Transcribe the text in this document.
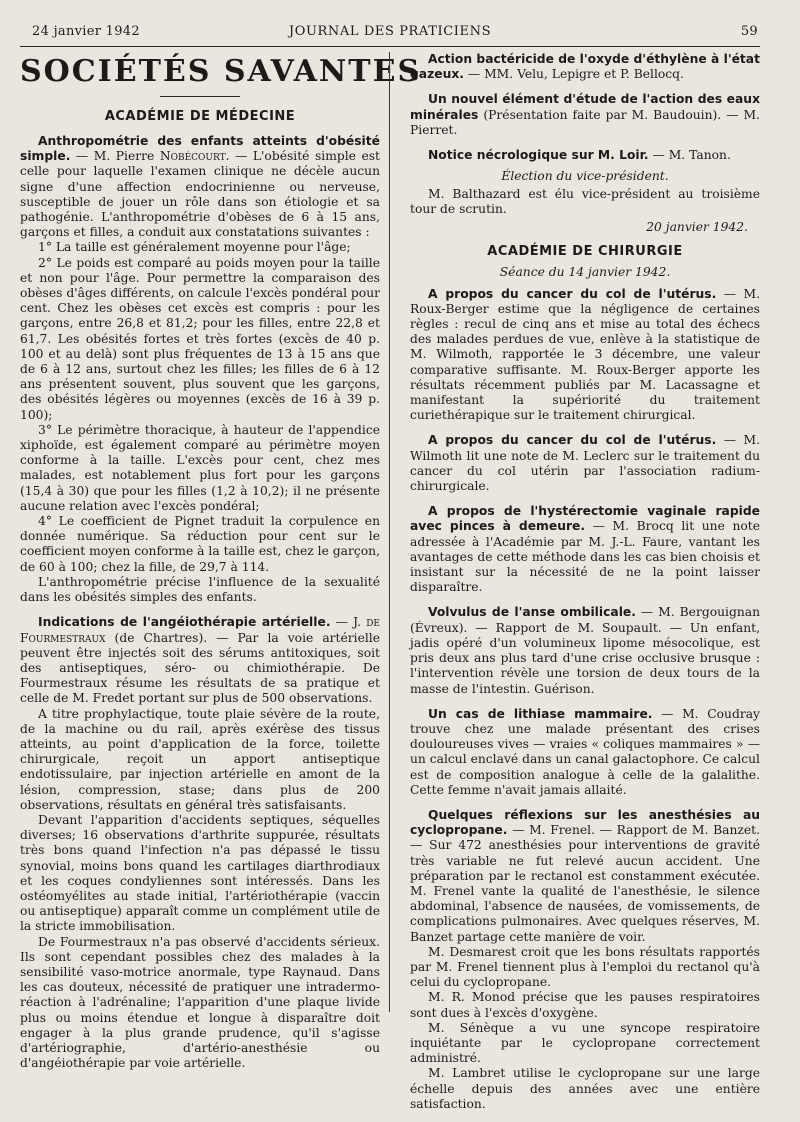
24 janvier 1942	JOURNAL DES PRATICIENS	59
SOCIÉTÉS SAVANTES
ACADÉMIE DE MÉDECINE

Anthropométrie des enfants atteints d'obésité simple. — M. Pierre Nobécourt. — L'obésité simple est celle pour laquelle l'examen clinique ne décèle aucun signe d'une affection endocrinienne ou nerveuse, susceptible de jouer un rôle dans son étiologie et sa pathogénie. L'anthropométrie d'obèses de 6 à 15 ans, garçons et filles, a conduit aux constatations suivantes :

1° La taille est généralement moyenne pour l'âge;

2° Le poids est comparé au poids moyen pour la taille et non pour l'âge. Pour permettre la comparaison des obèses d'âges différents, on calcule l'excès pondéral pour cent. Chez les obèses cet excès est compris : pour les garçons, entre 26,8 et 81,2; pour les filles, entre 22,8 et 61,7. Les obésités fortes et très fortes (excès de 40 p. 100 et au delà) sont plus fréquentes de 13 à 15 ans que de 6 à 12 ans, surtout chez les filles; les filles de 6 à 12 ans présentent souvent, plus souvent que les garçons, des obésités légères ou moyennes (excès de 16 à 39 p. 100);

3° Le périmètre thoracique, à hauteur de l'appendice xiphoïde, est également comparé au périmètre moyen conforme à la taille. L'excès pour cent, chez mes malades, est notablement plus fort pour les garçons (15,4 à 30) que pour les filles (1,2 à 10,2); il ne présente aucune relation avec l'excès pondéral;

4° Le coefficient de Pignet traduit la corpulence en donnée numérique. Sa réduction pour cent sur le coefficient moyen conforme à la taille est, chez le garçon, de 60 à 100; chez la fille, de 29,7 à 114.

L'anthropométrie précise l'influence de la sexualité dans les obésités simples des enfants.

Indications de l'angéiothérapie artérielle. — J. de Fourmestraux (de Chartres). — Par la voie artérielle peuvent être injectés soit des sérums antitoxiques, soit des antiseptiques, séro- ou chimiothérapie. De Fourmestraux résume les résultats de sa pratique et celle de M. Fredet portant sur plus de 500 observations.

A titre prophylactique, toute plaie sévère de la route, de la machine ou du rail, après exérèse des tissus atteints, au point d'application de la force, toilette chirurgicale, reçoit un apport antiseptique endotissulaire, par injection artérielle en amont de la lésion, compression, stase; dans plus de 200 observations, résultats en général très satisfaisants.

Devant l'apparition d'accidents septiques, séquelles diverses; 16 observations d'arthrite suppurée, résultats très bons quand l'infection n'a pas dépassé le tissu synovial, moins bons quand les cartilages diarthrodiaux et les coques condyliennes sont intéressés. Dans les ostéomyélites au stade initial, l'artériothérapie (vaccin ou antiseptique) apparaît comme un complément utile de la stricte immobilisation.

De Fourmestraux n'a pas observé d'accidents sérieux. Ils sont cependant possibles chez des malades à la sensibilité vaso-motrice anormale, type Raynaud. Dans les cas douteux, nécessité de pratiquer une intradermo-réaction à l'adrénaline; l'apparition d'une plaque livide plus ou moins étendue et longue à disparaître doit engager à la plus grande prudence, qu'il s'agisse d'artériographie, d'artério-anesthésie ou d'angéiothérapie par voie artérielle.

Action bactéricide de l'oxyde d'éthylène à l'état gazeux. — MM. Velu, Lepigre et P. Bellocq.

Un nouvel élément d'étude de l'action des eaux minérales (Présentation faite par M. Baudouin). — M. Pierret.

Notice nécrologique sur M. Loir. — M. Tanon.

Élection du vice-président.

M. Balthazard est élu vice-président au troisième tour de scrutin.

20 janvier 1942.
ACADÉMIE DE CHIRURGIE
Séance du 14 janvier 1942.

A propos du cancer du col de l'utérus. — M. Roux-Berger estime que la négligence de certaines règles : recul de cinq ans et mise au total des échecs des malades perdues de vue, enlève à la statistique de M. Wilmoth, rapportée le 3 décembre, une valeur comparative suffisante. M. Roux-Berger apporte les résultats récemment publiés par M. Lacassagne et manifestant la supériorité du traitement curiethérapique sur le traitement chirurgical.

A propos du cancer du col de l'utérus. — M. Wilmoth lit une note de M. Leclerc sur le traitement du cancer du col utérin par l'association radium-chirurgicale.

A propos de l'hystérectomie vaginale rapide avec pinces à demeure. — M. Brocq lit une note adressée à l'Académie par M. J.-L. Faure, vantant les avantages de cette méthode dans les cas bien choisis et insistant sur la nécessité de ne la point laisser disparaître.

Volvulus de l'anse ombilicale. — M. Bergouignan (Évreux). — Rapport de M. Soupault. — Un enfant, jadis opéré d'un volumineux lipome mésocolique, est pris deux ans plus tard d'une crise occlusive brusque : l'intervention révèle une torsion de deux tours de la masse de l'intestin. Guérison.

Un cas de lithiase mammaire. — M. Coudray trouve chez une malade présentant des crises douloureuses vives — vraies « coliques mammaires » — un calcul enclavé dans un canal galactophore. Ce calcul est de composition analogue à celle de la galalithe. Cette femme n'avait jamais allaité.

Quelques réflexions sur les anesthésies au cyclopropane. — M. Frenel. — Rapport de M. Banzet. — Sur 472 anesthésies pour interventions de gravité très variable ne fut relevé aucun accident. Une préparation par le rectanol est constamment exécutée. M. Frenel vante la qualité de l'anesthésie, le silence abdominal, l'absence de nausées, de vomissements, de complications pulmonaires. Avec quelques réserves, M. Banzet partage cette manière de voir.

M. Desmarest croit que les bons résultats rapportés par M. Frenel tiennent plus à l'emploi du rectanol qu'à celui du cyclopropane.

M. R. Monod précise que les pauses respiratoires sont dues à l'excès d'oxygène.

M. Sénèque a vu une syncope respiratoire inquiétante par le cyclopropane correctement administré.

M. Lambret utilise le cyclopropane sur une large échelle depuis des années avec une entière satisfaction.
